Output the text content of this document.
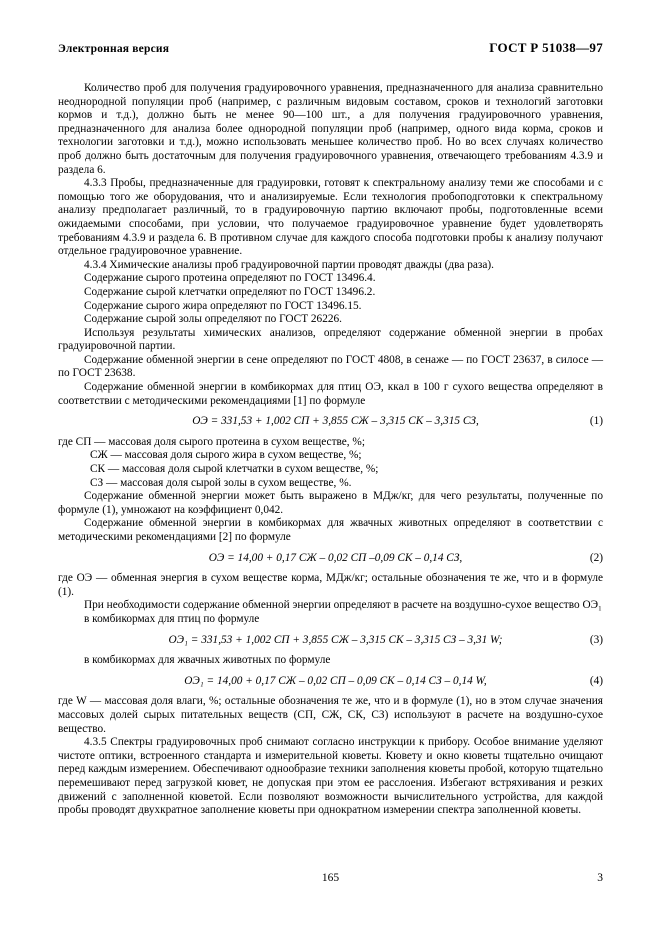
Электронная версия	ГОСТ Р 51038—97

Количество проб для получения градуировочного уравнения, предназначенного для анализа сравнительно неоднородной популяции проб (например, с различным видовым составом, сроков и технологий заготовки кормов и т.д.), должно быть не менее 90—100 шт., а для получения градуировочного уравнения, предназначенного для анализа более однородной популяции проб (например, одного вида корма, сроков и технологии заготовки и т.д.), можно использовать меньшее количество проб. Но во всех случаях количество проб должно быть достаточным для получения градуировочного уравнения, отвечающего требованиям 4.3.9 и раздела 6.

4.3.3 Пробы, предназначенные для градуировки, готовят к спектральному анализу теми же способами и с помощью того же оборудования, что и анализируемые. Если технология пробоподготовки к спектральному анализу предполагает различный, то в градуировочную партию включают пробы, подготовленные всеми ожидаемыми способами, при условии, что получаемое градуировочное уравнение будет удовлетворять требованиям 4.3.9 и раздела 6. В противном случае для каждого способа подготовки пробы к анализу получают отдельное градуировочное уравнение.

4.3.4 Химические анализы проб градуировочной партии проводят дважды (два раза).

Содержание сырого протеина определяют по ГОСТ 13496.4.

Содержание сырой клетчатки определяют по ГОСТ 13496.2.

Содержание сырого жира определяют по ГОСТ 13496.15.

Содержание сырой золы определяют по ГОСТ 26226.

Используя результаты химических анализов, определяют содержание обменной энергии в пробах градуировочной партии.

Содержание обменной энергии в сене определяют по ГОСТ 4808, в сенаже — по ГОСТ 23637, в силосе — по ГОСТ 23638.

Содержание обменной энергии в комбикормах для птиц ОЭ, ккал в 100 г сухого вещества определяют в соответствии с методическими рекомендациями [1] по формуле

ОЭ = 331,53 + 1,002 СП + 3,855 СЖ – 3,315 СК – 3,315 СЗ,	(1)

где СП — массовая доля сырого протеина в сухом веществе, %;

СЖ — массовая доля сырого жира в сухом веществе, %;

СК — массовая доля сырой клетчатки в сухом веществе, %;

СЗ — массовая доля сырой золы в сухом веществе, %.

Содержание обменной энергии может быть выражено в МДж/кг, для чего результаты, полученные по формуле (1), умножают на коэффициент 0,042.

Содержание обменной энергии в комбикормах для жвачных животных определяют в соответствии с методическими рекомендациями [2] по формуле

ОЭ = 14,00 + 0,17 СЖ – 0,02 СП –0,09 СК – 0,14 СЗ,	(2)

где ОЭ — обменная энергия в сухом веществе корма, МДж/кг; остальные обозначения те же, что и в формуле (1).

При необходимости содержание обменной энергии определяют в расчете на воздушно-сухое вещество ОЭ₁

в комбикормах для птиц по формуле

ОЭ₁ = 331,53 + 1,002 СП + 3,855 СЖ – 3,315 СК – 3,315 СЗ – 3,31 W;	(3)

в комбикормах для жвачных животных по формуле

ОЭ₁ = 14,00 + 0,17 СЖ – 0,02 СП – 0,09 СК – 0,14 СЗ – 0,14 W,	(4)

где W — массовая доля влаги, %; остальные обозначения те же, что и в формуле (1), но в этом случае значения массовых долей сырых питательных веществ (СП, СЖ, СК, СЗ) используют в расчете на воздушно-сухое вещество.

4.3.5 Спектры градуировочных проб снимают согласно инструкции к прибору. Особое внимание уделяют чистоте оптики, встроенного стандарта и измерительной кюветы. Кювету и окно кюветы тщательно очищают перед каждым измерением. Обеспечивают однообразие техники заполнения кюветы пробой, которую тщательно перемешивают перед загрузкой кювет, не допуская при этом ее расслоения. Избегают встряхивания и резких движений с заполненной кюветой. Если позволяют возможности вычислительного устройства, для каждой пробы проводят двухкратное заполнение кюветы при однократном измерении спектра заполненной кюветы.

165	3
